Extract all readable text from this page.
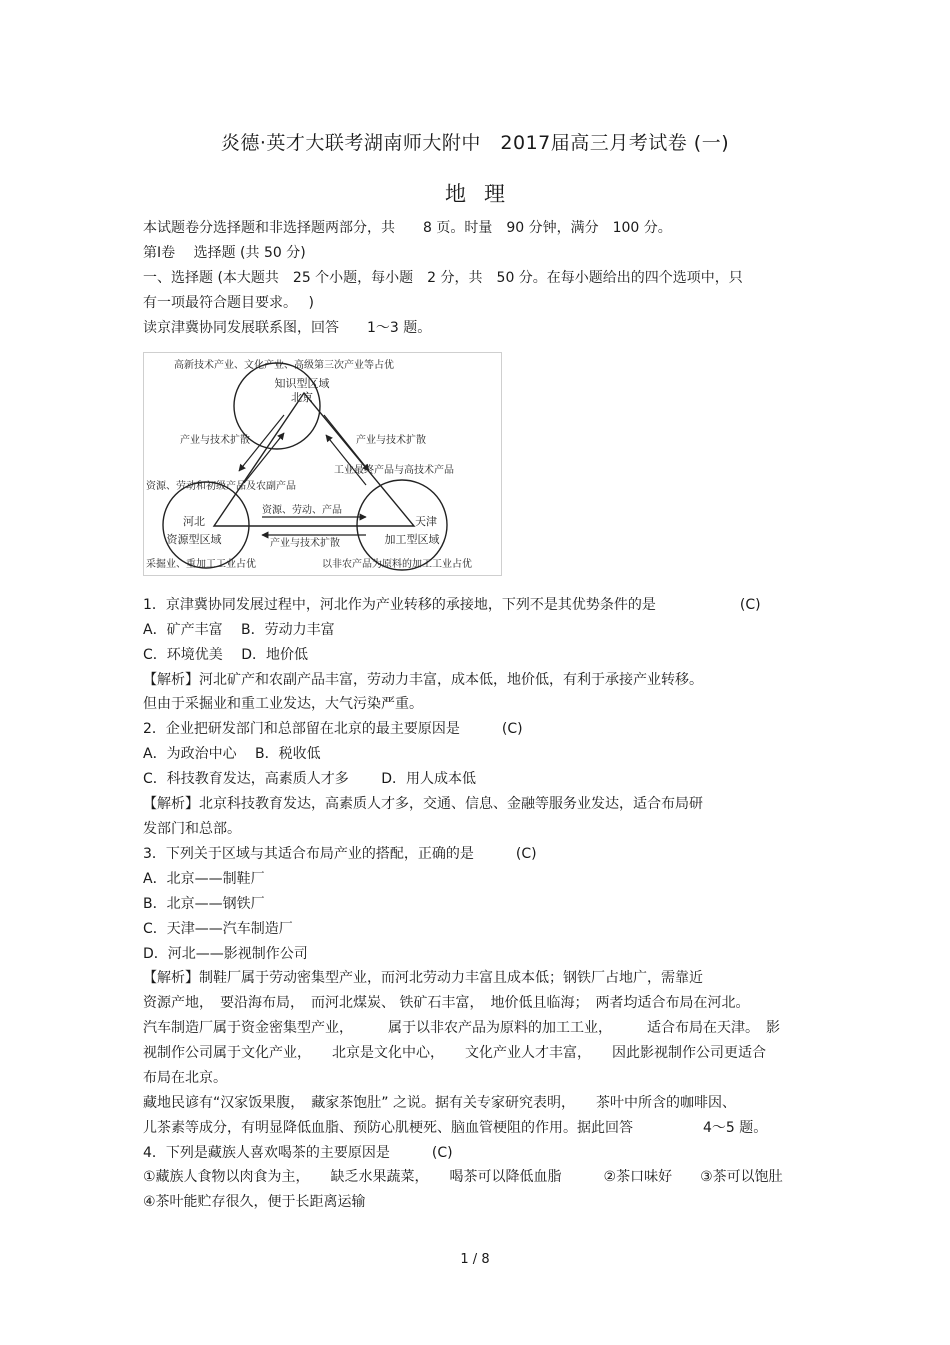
炎德·英才大联考湖南师大附中　2017届高三月考试卷 (一)
地理
本试题卷分选择题和非选择题两部分，共　　8 页。时量　90 分钟，满分　100 分。
第Ⅰ卷　 选择题 (共 50 分)
一、选择题 (本大题共　25 个小题，每小题　2 分，共　50 分。在每小题给出的四个选项中，只
有一项最符合题目要求。　 )
读京津冀协同发展联系图，回答　　1～3 题。
高新技术产业、文化产业、高级第三次产业等占优
知识型区域
北京
产业与技术扩散	产业与技术扩散
工业最终产品与高技术产品
资源、劳动和初级产品及农副产品
资源、劳动、产品
产业与技术扩散
河北
资源型区域
天津
加工型区域
采掘业、重加工工业占优	以非农产品为原料的加工工业占优
1．京津冀协同发展过程中，河北作为产业转移的承接地，下列不是其优势条件的是　　　　　　(C)
A．矿产丰富　 B．劳动力丰富
C．环境优美　 D．地价低
【解析】河北矿产和农副产品丰富，劳动力丰富，成本低，地价低，有利于承接产业转移。
但由于采掘业和重工业发达，大气污染严重。
2．企业把研发部门和总部留在北京的最主要原因是　　　(C)
A．为政治中心　 B．税收低
C．科技教育发达，高素质人才多　　 D．用人成本低
【解析】北京科技教育发达，高素质人才多，交通、信息、金融等服务业发达，适合布局研
发部门和总部。
3．下列关于区域与其适合布局产业的搭配，正确的是　　　(C)
A．北京——制鞋厂
B．北京——钢铁厂
C．天津——汽车制造厂
D．河北——影视制作公司
【解析】制鞋厂属于劳动密集型产业，而河北劳动力丰富且成本低；钢铁厂占地广，需靠近
资源产地，　要沿海布局，　而河北煤炭、 铁矿石丰富，　地价低且临海；　两者均适合布局在河北。
汽车制造厂属于资金密集型产业，　　　属于以非农产品为原料的加工工业，　　　适合布局在天津。　影
视制作公司属于文化产业，　　北京是文化中心，　　文化产业人才丰富，　　因此影视制作公司更适合
布局在北京。
藏地民谚有“汉家饭果腹，　藏家茶饱肚” 之说。据有关专家研究表明，　　茶叶中所含的咖啡因、
儿茶素等成分，有明显降低血脂、预防心肌梗死、脑血管梗阻的作用。据此回答　　　　　4～5 题。
4．下列是藏族人喜欢喝茶的主要原因是　　　(C)
①藏族人食物以肉食为主，　　缺乏水果蔬菜，　　喝茶可以降低血脂　　　②茶口味好　　③茶可以饱肚
④茶叶能贮存很久，便于长距离运输
1 / 8
